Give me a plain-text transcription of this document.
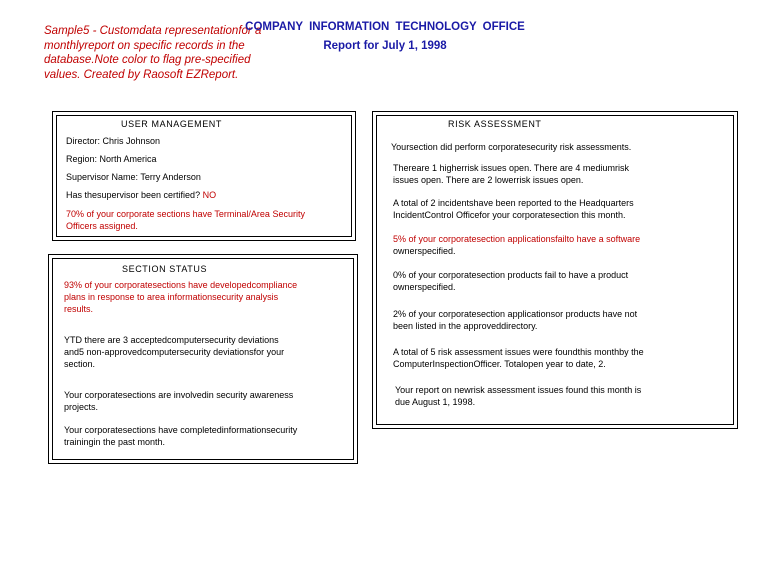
Sample5 - Customdata representationfor a monthlyreport on specific records in the database.Note color to flag pre-specified values. Created by Raosoft EZReport.
COMPANY INFORMATION TECHNOLOGY OFFICE
Report for July 1, 1998
USER MANAGEMENT
Director: Chris Johnson
Region: North America
Supervisor Name: Terry Anderson
Has thesupervisor been certified? NO
70% of your corporate sections have Terminal/Area Security
Officers assigned.
SECTION STATUS
93% of your corporatesections have developedcompliance
plans in response to area informationsecurity analysis
results.
YTD there are 3 acceptedcomputersecurity deviations
and5 non-approvedcomputersecurity deviationsfor your
section.
Your corporatesections are involvedin security awareness
projects.
Your corporatesections have completedinformationsecurity
trainingin the past month.
RISK ASSESSMENT
Yoursection did perform corporatesecurity risk assessments.
Thereare 1 higherrisk issues open. There are 4 mediumrisk
issues open. There are 2 lowerrisk issues open.
A total of 2 incidentshave been reported to the Headquarters
IncidentControl Officefor your corporatesection this month.
5% of your corporatesection applicationsfailto have a software
ownerspecified.
0% of your corporatesection products fail to have a product
ownerspecified.
2% of your corporatesection applicationsor products have not
been listed in the approveddirectory.
A total of 5 risk assessment issues were foundthis monthby the
ComputerInspectionOfficer. Totalopen year to date, 2.
Your report on newrisk assessment issues found this month is
due August 1, 1998.
